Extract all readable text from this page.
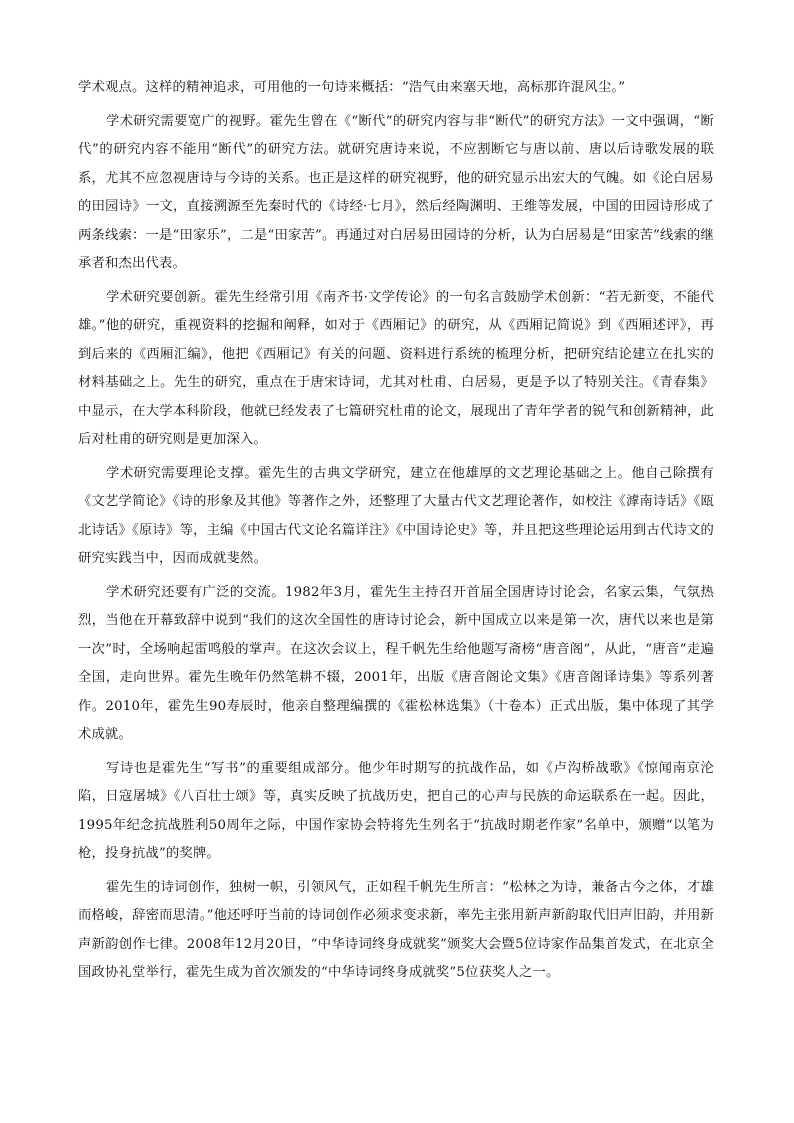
学术观点。这样的精神追求，可用他的一句诗来概括：“浩气由来塞天地，高标那许混风尘。”

学术研究需要宽广的视野。霍先生曾在《“断代”的研究内容与非“断代”的研究方法》一文中强调，“断代”的研究内容不能用“断代”的研究方法。就研究唐诗来说，不应割断它与唐以前、唐以后诗歌发展的联系，尤其不应忽视唐诗与今诗的关系。也正是这样的研究视野，他的研究显示出宏大的气魄。如《论白居易的田园诗》一文，直接溯源至先秦时代的《诗经·七月》，然后经陶渊明、王维等发展，中国的田园诗形成了两条线索：一是“田家乐”，二是“田家苦”。再通过对白居易田园诗的分析，认为白居易是“田家苦”线索的继承者和杰出代表。

学术研究要创新。霍先生经常引用《南齐书·文学传论》的一句名言鼓励学术创新：“若无新变，不能代雄。”他的研究，重视资料的挖掘和阐释，如对于《西厢记》的研究，从《西厢记简说》到《西厢述评》，再到后来的《西厢汇编》，他把《西厢记》有关的问题、资料进行系统的梳理分析，把研究结论建立在扎实的材料基础之上。先生的研究，重点在于唐宋诗词，尤其对杜甫、白居易，更是予以了特别关注。《青春集》中显示，在大学本科阶段，他就已经发表了七篇研究杜甫的论文，展现出了青年学者的锐气和创新精神，此后对杜甫的研究则是更加深入。

学术研究需要理论支撑。霍先生的古典文学研究，建立在他雄厚的文艺理论基础之上。他自己除撰有《文艺学简论》《诗的形象及其他》等著作之外，还整理了大量古代文艺理论著作，如校注《滹南诗话》《瓯北诗话》《原诗》等，主编《中国古代文论名篇详注》《中国诗论史》等，并且把这些理论运用到古代诗文的研究实践当中，因而成就斐然。

学术研究还要有广泛的交流。1982年3月，霍先生主持召开首届全国唐诗讨论会，名家云集，气氛热烈，当他在开幕致辞中说到“我们的这次全国性的唐诗讨论会，新中国成立以来是第一次，唐代以来也是第一次”时，全场响起雷鸣般的掌声。在这次会议上，程千帆先生给他题写斋榜“唐音阁”，从此，“唐音”走遍全国，走向世界。霍先生晚年仍然笔耕不辍，2001年，出版《唐音阁论文集》《唐音阁译诗集》等系列著作。2010年，霍先生90寿辰时，他亲自整理编撰的《霍松林选集》（十卷本）正式出版，集中体现了其学术成就。

写诗也是霍先生“写书”的重要组成部分。他少年时期写的抗战作品，如《卢沟桥战歌》《惊闻南京沦陷，日寇屠城》《八百壮士颂》等，真实反映了抗战历史，把自己的心声与民族的命运联系在一起。因此，1995年纪念抗战胜利50周年之际，中国作家协会特将先生列名于“抗战时期老作家”名单中，颁赠“以笔为枪，投身抗战”的奖牌。

霍先生的诗词创作，独树一帜，引领风气，正如程千帆先生所言：“松林之为诗，兼备古今之体，才雄而格峻，辞密而思清。”他还呼吁当前的诗词创作必须求变求新，率先主张用新声新韵取代旧声旧韵，并用新声新韵创作七律。2008年12月20日，“中华诗词终身成就奖”颁奖大会暨5位诗家作品集首发式，在北京全国政协礼堂举行，霍先生成为首次颁发的“中华诗词终身成就奖”5位获奖人之一。
